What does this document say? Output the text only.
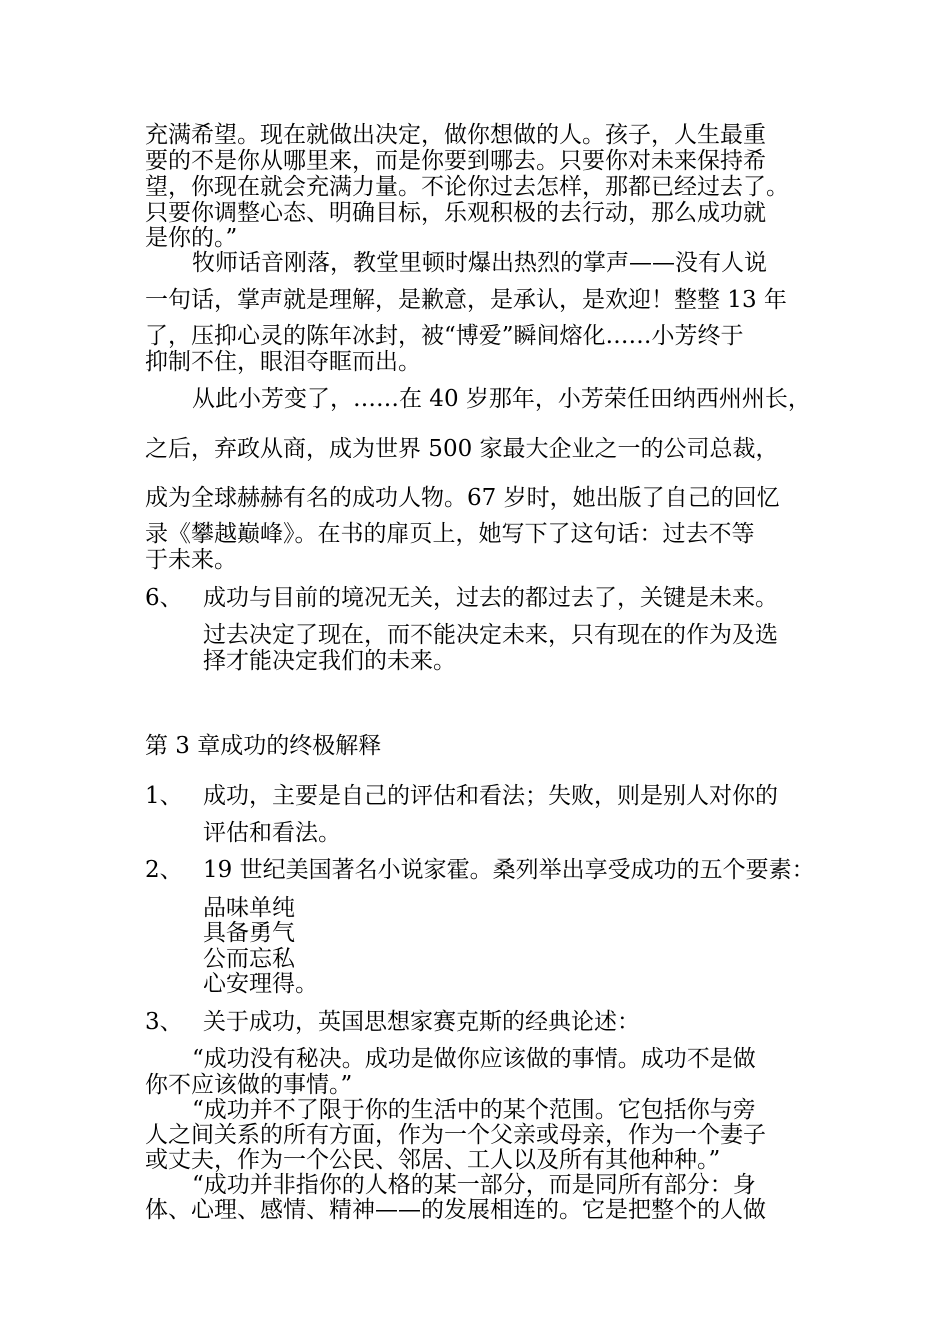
充满希望。现在就做出决定，做你想做的人。孩子，人生最重
要的不是你从哪里来，而是你要到哪去。只要你对未来保持希
望，你现在就会充满力量。不论你过去怎样，那都已经过去了。
只要你调整心态、明确目标，乐观积极的去行动，那么成功就
是你的。”
牧师话音刚落，教堂里顿时爆出热烈的掌声——没有人说
一句话，掌声就是理解，是歉意，是承认，是欢迎！整整 13 年
了，压抑心灵的陈年冰封，被“博爱”瞬间熔化……小芳终于
抑制不住，眼泪夺眶而出。
从此小芳变了，……在 40 岁那年，小芳荣任田纳西州州长，
之后，弃政从商，成为世界 500 家最大企业之一的公司总裁，
成为全球赫赫有名的成功人物。67 岁时，她出版了自己的回忆
录《攀越巅峰》。在书的扉页上，她写下了这句话：过去不等
于未来。
6、 成功与目前的境况无关，过去的都过去了，关键是未来。
过去决定了现在，而不能决定未来，只有现在的作为及选
择才能决定我们的未来。
第 3 章成功的终极解释
1、 成功，主要是自己的评估和看法；失败，则是别人对你的
评估和看法。
2、 19 世纪美国著名小说家霍。桑列举出享受成功的五个要素：
品味单纯
具备勇气
公而忘私
心安理得。
3、 关于成功，英国思想家赛克斯的经典论述：
“成功没有秘决。成功是做你应该做的事情。成功不是做
你不应该做的事情。”
“成功并不了限于你的生活中的某个范围。它包括你与旁
人之间关系的所有方面，作为一个父亲或母亲，作为一个妻子
或丈夫，作为一个公民、邻居、工人以及所有其他种种。”
“成功并非指你的人格的某一部分，而是同所有部分：身
体、心理、感情、精神——的发展相连的。它是把整个的人做
